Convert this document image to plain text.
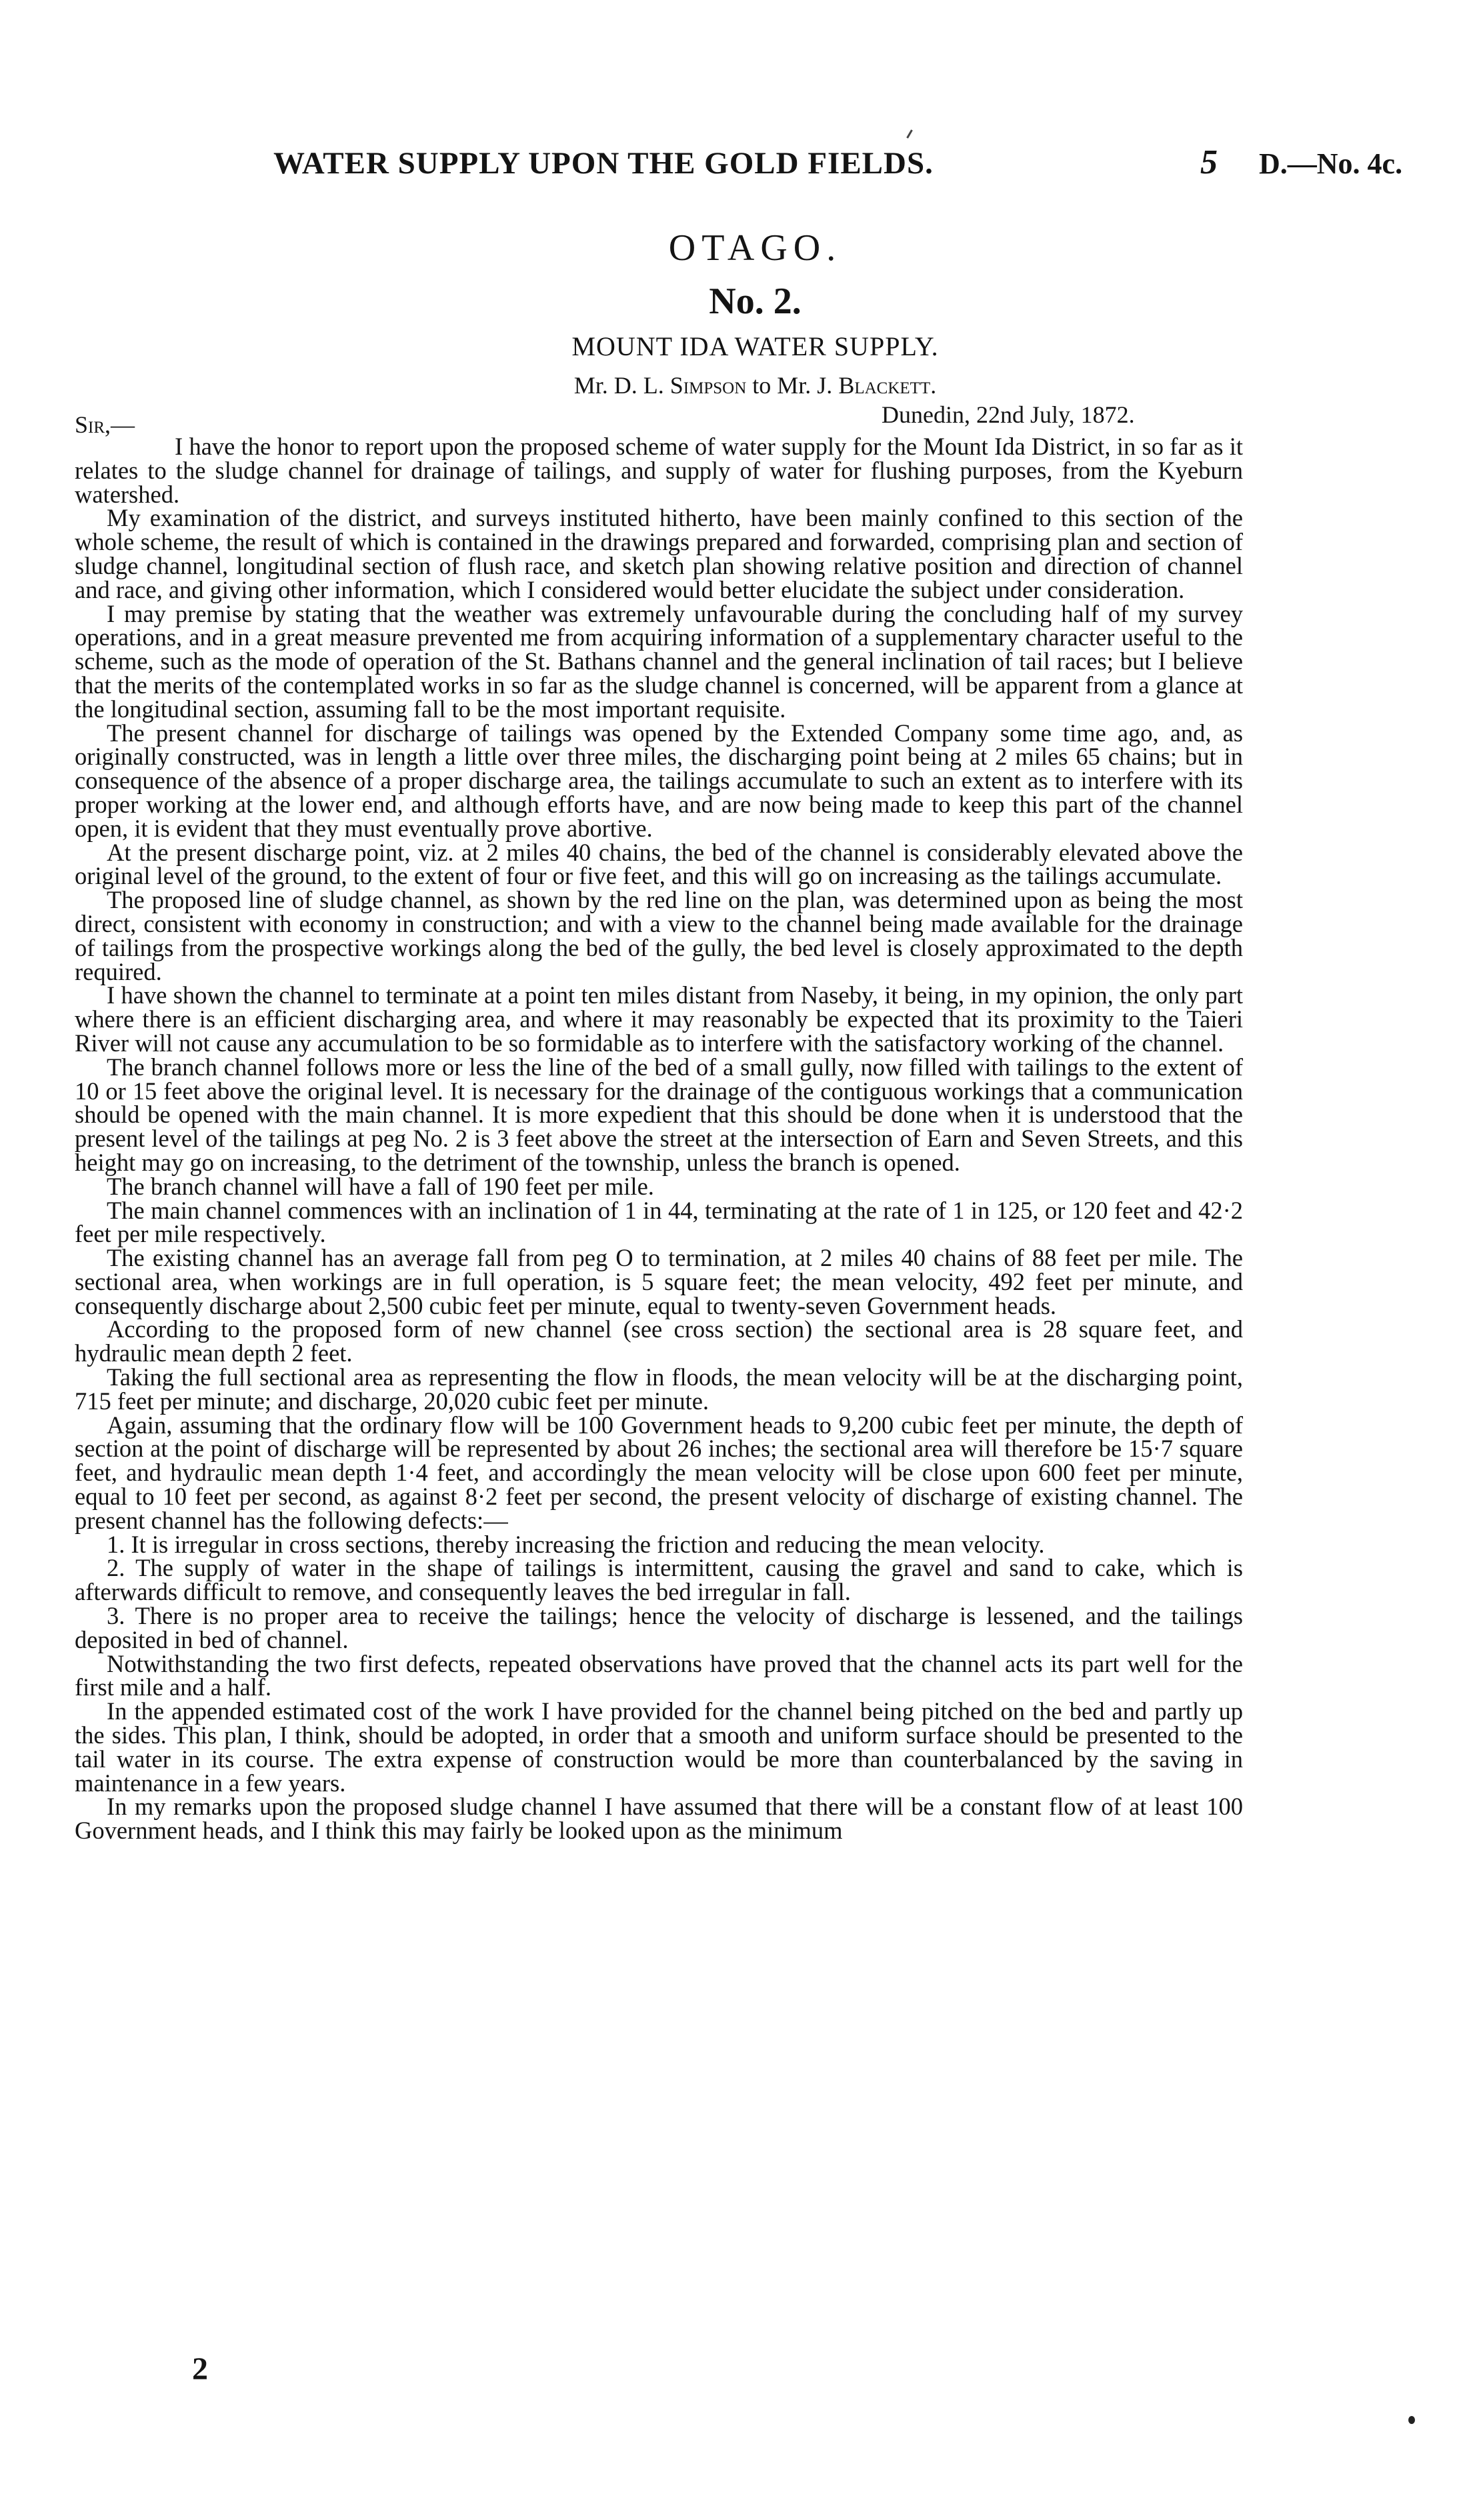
WATER SUPPLY UPON THE GOLD FIELDS.	5 D.—No. 4c.
OTAGO.
No. 2.
MOUNT IDA WATER SUPPLY.
Mr. D. L. Simpson to Mr. J. Blackett.
Sir,—	Dunedin, 22nd July, 1872.

I have the honor to report upon the proposed scheme of water supply for the Mount Ida District, in so far as it relates to the sludge channel for drainage of tailings, and supply of water for flushing purposes, from the Kyeburn watershed.

My examination of the district, and surveys instituted hitherto, have been mainly confined to this section of the whole scheme, the result of which is contained in the drawings prepared and forwarded, comprising plan and section of sludge channel, longitudinal section of flush race, and sketch plan showing relative position and direction of channel and race, and giving other information, which I considered would better elucidate the subject under consideration.

I may premise by stating that the weather was extremely unfavourable during the concluding half of my survey operations, and in a great measure prevented me from acquiring information of a supplementary character useful to the scheme, such as the mode of operation of the St. Bathans channel and the general inclination of tail races; but I believe that the merits of the contemplated works in so far as the sludge channel is concerned, will be apparent from a glance at the longitudinal section, assuming fall to be the most important requisite.

The present channel for discharge of tailings was opened by the Extended Company some time ago, and, as originally constructed, was in length a little over three miles, the discharging point being at 2 miles 65 chains; but in consequence of the absence of a proper discharge area, the tailings accumulate to such an extent as to interfere with its proper working at the lower end, and although efforts have, and are now being made to keep this part of the channel open, it is evident that they must eventually prove abortive.

At the present discharge point, viz. at 2 miles 40 chains, the bed of the channel is considerably elevated above the original level of the ground, to the extent of four or five feet, and this will go on increasing as the tailings accumulate.

The proposed line of sludge channel, as shown by the red line on the plan, was determined upon as being the most direct, consistent with economy in construction; and with a view to the channel being made available for the drainage of tailings from the prospective workings along the bed of the gully, the bed level is closely approximated to the depth required.

I have shown the channel to terminate at a point ten miles distant from Naseby, it being, in my opinion, the only part where there is an efficient discharging area, and where it may reasonably be expected that its proximity to the Taieri River will not cause any accumulation to be so formidable as to interfere with the satisfactory working of the channel.

The branch channel follows more or less the line of the bed of a small gully, now filled with tailings to the extent of 10 or 15 feet above the original level. It is necessary for the drainage of the contiguous workings that a communication should be opened with the main channel. It is more expedient that this should be done when it is understood that the present level of the tailings at peg No. 2 is 3 feet above the street at the intersection of Earn and Seven Streets, and this height may go on increasing, to the detriment of the township, unless the branch is opened.

The branch channel will have a fall of 190 feet per mile.

The main channel commences with an inclination of 1 in 44, terminating at the rate of 1 in 125, or 120 feet and 42·2 feet per mile respectively.

The existing channel has an average fall from peg O to termination, at 2 miles 40 chains of 88 feet per mile. The sectional area, when workings are in full operation, is 5 square feet; the mean velocity, 492 feet per minute, and consequently discharge about 2,500 cubic feet per minute, equal to twenty-seven Government heads.

According to the proposed form of new channel (see cross section) the sectional area is 28 square feet, and hydraulic mean depth 2 feet.

Taking the full sectional area as representing the flow in floods, the mean velocity will be at the discharging point, 715 feet per minute; and discharge, 20,020 cubic feet per minute.

Again, assuming that the ordinary flow will be 100 Government heads to 9,200 cubic feet per minute, the depth of section at the point of discharge will be represented by about 26 inches; the sectional area will therefore be 15·7 square feet, and hydraulic mean depth 1·4 feet, and accordingly the mean velocity will be close upon 600 feet per minute, equal to 10 feet per second, as against 8·2 feet per second, the present velocity of discharge of existing channel. The present channel has the following defects:—

1. It is irregular in cross sections, thereby increasing the friction and reducing the mean velocity.

2. The supply of water in the shape of tailings is intermittent, causing the gravel and sand to cake, which is afterwards difficult to remove, and consequently leaves the bed irregular in fall.

3. There is no proper area to receive the tailings; hence the velocity of discharge is lessened, and the tailings deposited in bed of channel.

Notwithstanding the two first defects, repeated observations have proved that the channel acts its part well for the first mile and a half.

In the appended estimated cost of the work I have provided for the channel being pitched on the bed and partly up the sides. This plan, I think, should be adopted, in order that a smooth and uniform surface should be presented to the tail water in its course. The extra expense of construction would be more than counterbalanced by the saving in maintenance in a few years.

In my remarks upon the proposed sludge channel I have assumed that there will be a constant flow of at least 100 Government heads, and I think this may fairly be looked upon as the minimum

2
